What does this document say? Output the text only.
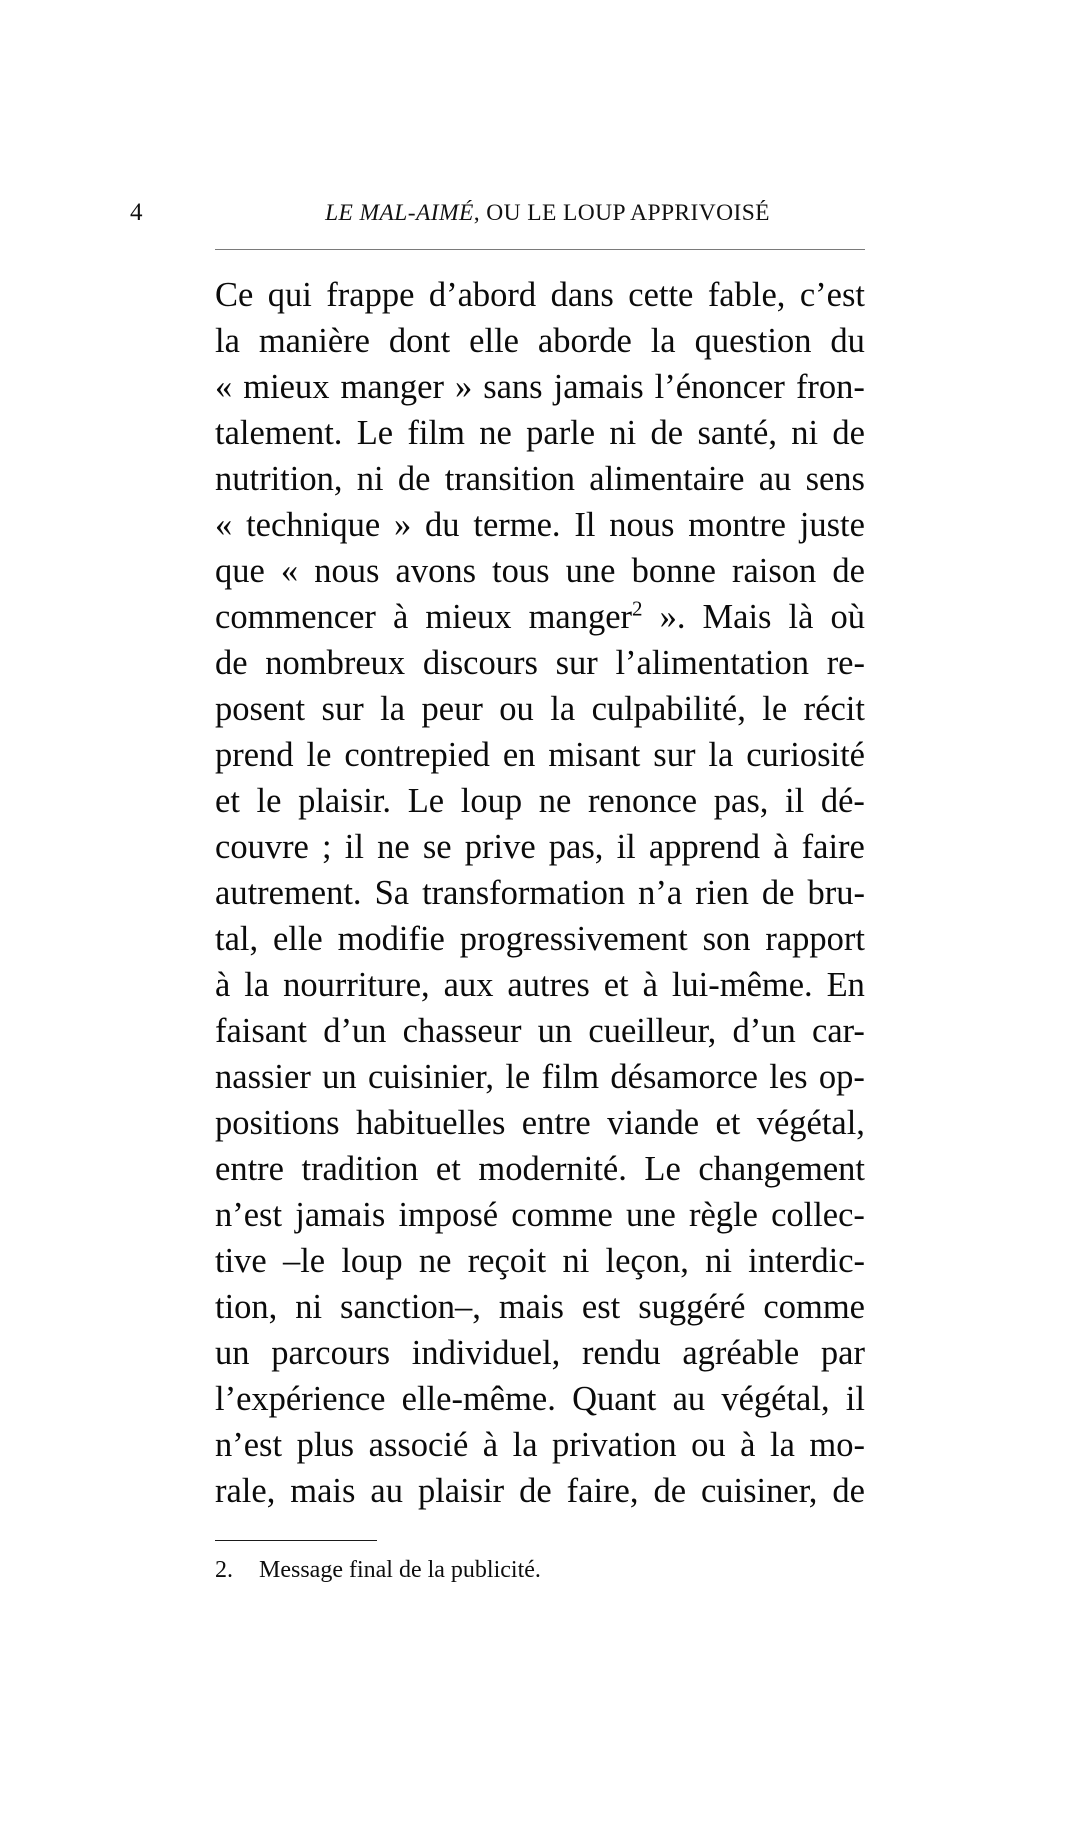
4	LE MAL-AIMÉ, OU LE LOUP APPRIVOISÉ
Ce qui frappe d’abord dans cette fable, c’est
la manière dont elle aborde la question du
« mieux manger » sans jamais l’énoncer fron-
talement. Le film ne parle ni de santé, ni de
nutrition, ni de transition alimentaire au sens
« technique » du terme. Il nous montre juste
que « nous avons tous une bonne raison de
commencer à mieux manger$^2$ ». Mais là où
de nombreux discours sur l’alimentation re-
posent sur la peur ou la culpabilité, le récit
prend le contrepied en misant sur la curiosité
et le plaisir. Le loup ne renonce pas, il dé-
couvre ; il ne se prive pas, il apprend à faire
autrement. Sa transformation n’a rien de bru-
tal, elle modifie progressivement son rapport
à la nourriture, aux autres et à lui-même. En
faisant d’un chasseur un cueilleur, d’un car-
nassier un cuisinier, le film désamorce les op-
positions habituelles entre viande et végétal,
entre tradition et modernité. Le changement
n’est jamais imposé comme une règle collec-
tive –le loup ne reçoit ni leçon, ni interdic-
tion, ni sanction–, mais est suggéré comme
un parcours individuel, rendu agréable par
l’expérience elle-même. Quant au végétal, il
n’est plus associé à la privation ou à la mo-
rale, mais au plaisir de faire, de cuisiner, de
2. Message final de la publicité.
